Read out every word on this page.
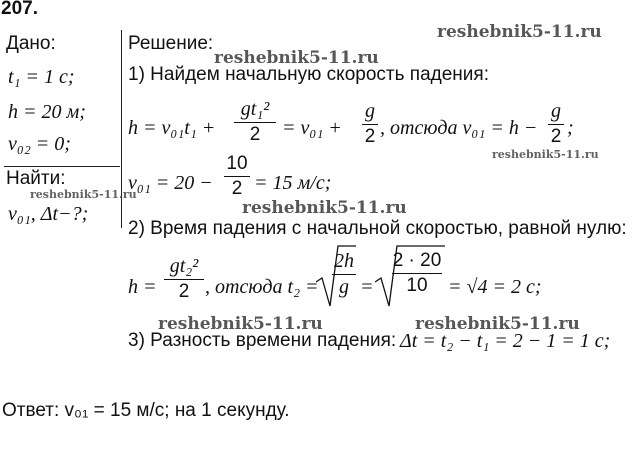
207.
Дано:
t₁ = 1 с;
h = 20 м;
v₀₂ = 0;
Найти:
v₀₁, Δt−?;
Решение:
1) Найдем начальную скорость падения:
h = v₀₁t₁ +
gt₁²
2	= v₀₁ +
g
2 , отсюда v₀₁ = h −
g
2 ;
v₀₁ = 20 −
10
2 = 15 м/с;
2) Время падения с начальной скоростью, равной нулю:
h =
gt₂²
2 , отсюда t₂ =
2h
g =
2 · 20
10	= √4 = 2 с;
3) Разность времени падения: Δt = t₂ − t₁ = 2 − 1 = 1 с;
Ответ: v₀₁ = 15 м/с; на 1 секунду.
reshebnik5-11.ru
reshebnik5-11.ru
reshebnik5-11.ru
reshebnik5-11.ru
reshebnik5-11.ru
reshebnik5-11.ru	reshebnik5-11.ru
